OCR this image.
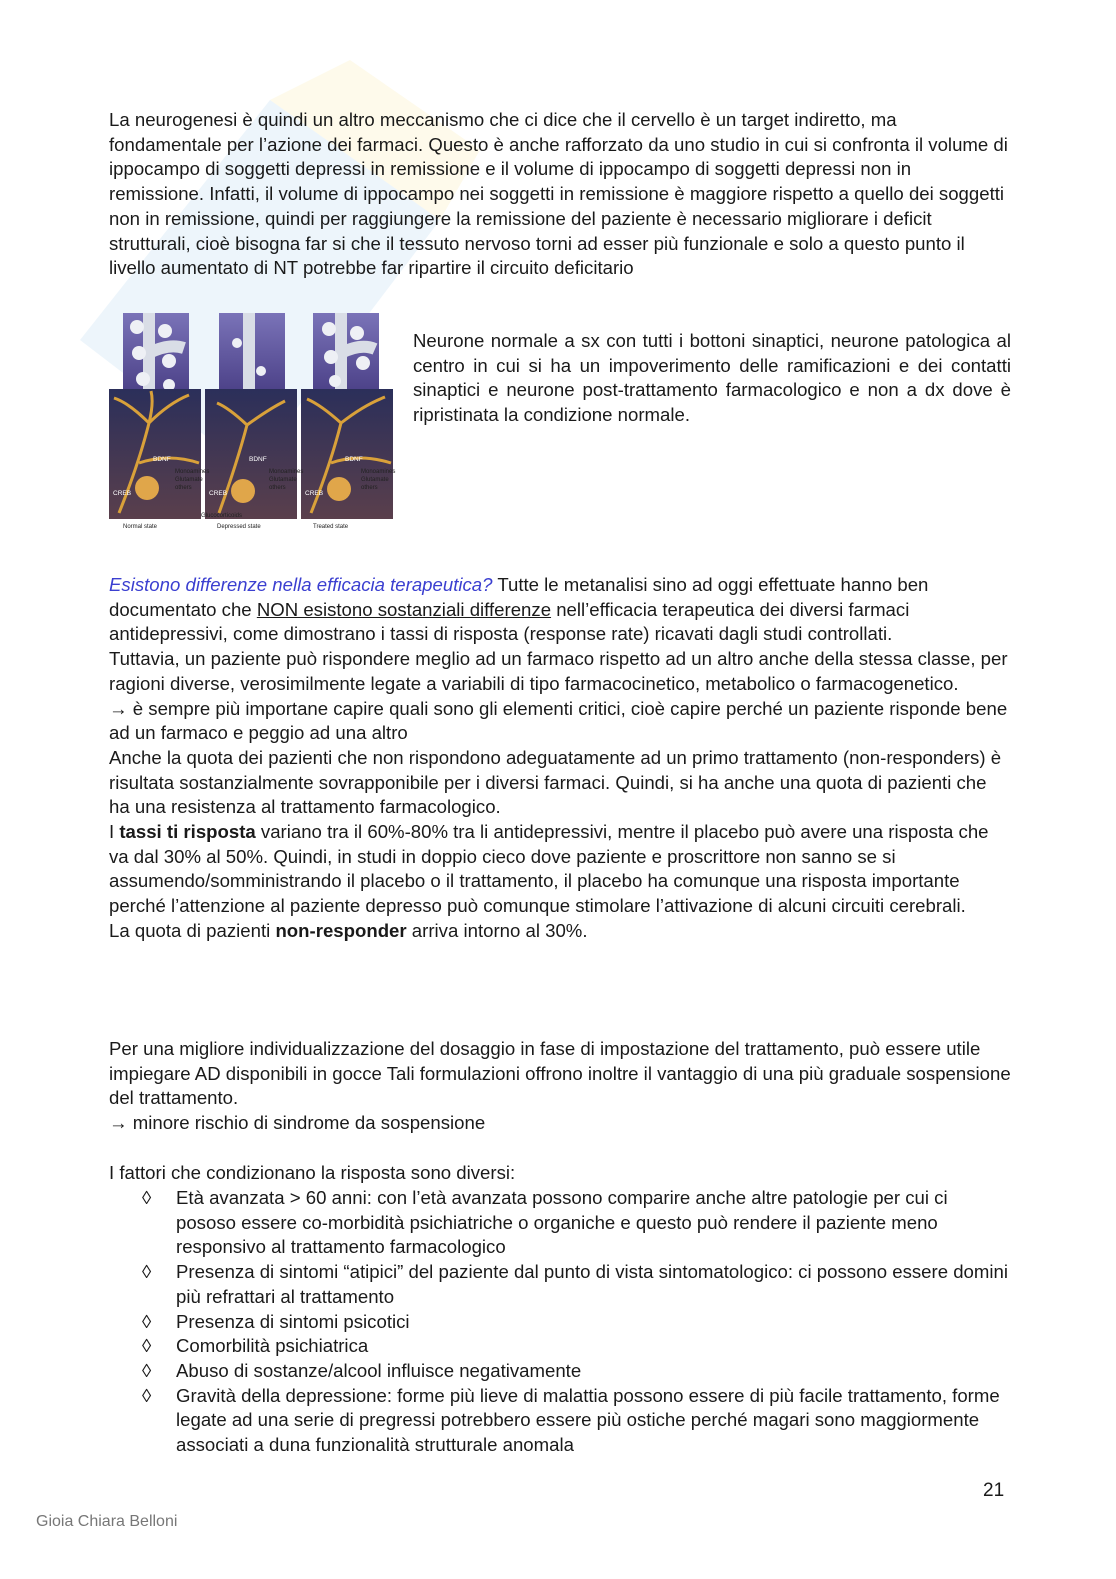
La neurogenesi è quindi un altro meccanismo che ci dice che il cervello è un target indiretto, ma fondamentale per l’azione dei farmaci. Questo è anche rafforzato da uno studio in cui si confronta il volume di ippocampo di soggetti depressi in remissione e il volume di ippocampo di soggetti depressi non in remissione. Infatti, il volume di ippocampo nei soggetti in remissione è maggiore rispetto a quello dei soggetti non in remissione, quindi per raggiungere la remissione del paziente è necessario migliorare i deficit strutturali, cioè bisogna far si che il tessuto nervoso torni ad esser più funzionale e solo a questo punto il livello aumentato di NT potrebbe far ripartire il circuito deficitario

BDNF	BDNF	BDNF
CREB	CREB	CREB
Monoamines
Glutamate
others
Monoamines
Glutamate
others
Monoamines
Glutamate
others
Glucocorticoids
Normal state	Depressed state	Treated state
Neurone normale a sx con tutti i bottoni sinaptici, neurone patologica al centro in cui si ha un impoverimento delle ramificazioni e dei contatti sinaptici e neurone post-trattamento farmacologico e non a dx dove è ripristinata la condizione normale.
Esistono differenze nella efficacia terapeutica? Tutte le metanalisi sino ad oggi effettuate hanno ben documentato che NON esistono sostanziali differenze nell’efficacia terapeutica dei diversi farmaci antidepressivi, come dimostrano i tassi di risposta (response rate) ricavati dagli studi controllati.
Tuttavia, un paziente può rispondere meglio ad un farmaco rispetto ad un altro anche della stessa classe, per ragioni diverse, verosimilmente legate a variabili di tipo farmacocinetico, metabolico o farmacogenetico.
→ è sempre più importane capire quali sono gli elementi critici, cioè capire perché un paziente risponde bene ad un farmaco e peggio ad una altro
Anche la quota dei pazienti che non rispondono adeguatamente ad un primo trattamento (non-responders) è risultata sostanzialmente sovrapponibile per i diversi farmaci. Quindi, si ha anche una quota di pazienti che ha una resistenza al trattamento farmacologico.
I tassi ti risposta variano tra il 60%-80% tra li antidepressivi, mentre il placebo può avere una risposta che va dal 30% al 50%. Quindi, in studi in doppio cieco dove paziente e proscrittore non sanno se si assumendo/somministrando il placebo o il trattamento, il placebo ha comunque una risposta importante perché l’attenzione al paziente depresso può comunque stimolare l’attivazione di alcuni circuiti cerebrali.
La quota di pazienti non-responder arriva intorno al 30%.
Per una migliore individualizzazione del dosaggio in fase di impostazione del trattamento, può essere utile impiegare AD disponibili in gocce Tali formulazioni offrono inoltre il vantaggio di una più graduale sospensione del trattamento.
→ minore rischio di sindrome da sospensione
I fattori che condizionano la risposta sono diversi:
◊ Età avanzata > 60 anni: con l’età avanzata possono comparire anche altre patologie per cui ci pososo essere co-morbidità psichiatriche o organiche e questo può rendere il paziente meno responsivo al trattamento farmacologico
◊ Presenza di sintomi “atipici” del paziente dal punto di vista sintomatologico: ci possono essere domini più refrattari al trattamento
◊ Presenza di sintomi psicotici
◊ Comorbilità psichiatrica
◊ Abuso di sostanze/alcool influisce negativamente
◊ Gravità della depressione: forme più lieve di malattia possono essere di più facile trattamento, forme legate ad una serie di pregressi potrebbero essere più ostiche perché magari sono maggiormente associati a duna funzionalità strutturale anomala
21
Gioia Chiara Belloni
